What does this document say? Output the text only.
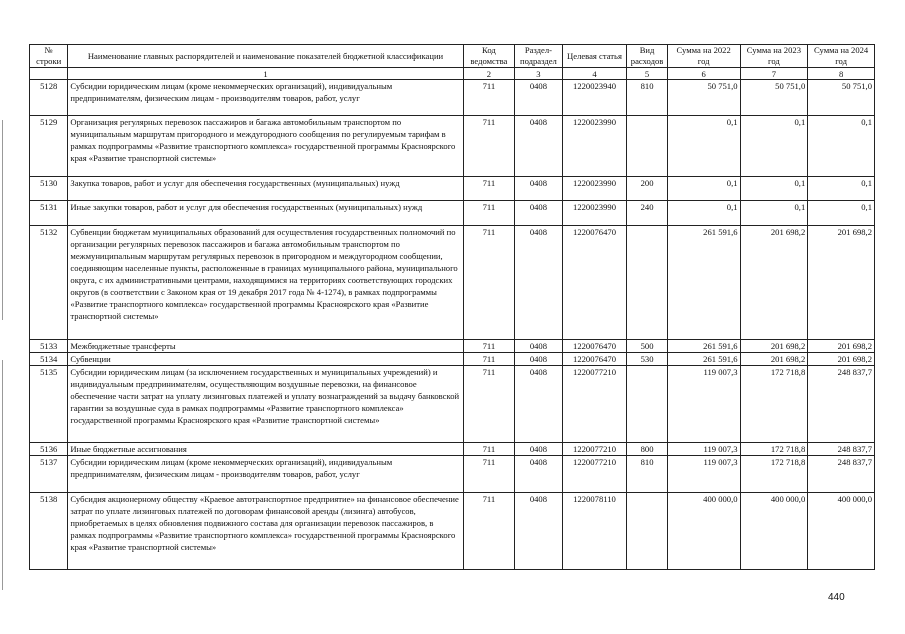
№ строки	Наименование главных распорядителей и наименование показателей бюджетной классификации	Код ведомства	Раздел-подраздел	Целевая статья	Вид расходов	Сумма на 2022 год	Сумма на 2023 год	Сумма на 2024 год
	1	2	3	4	5	6	7	8
5128	Субсидии юридическим лицам (кроме некоммерческих организаций), индивидуальным предпринимателям, физическим лицам - производителям товаров, работ, услуг	711	0408	1220023940	810	50 751,0	50 751,0	50 751,0
5129	Организация регулярных перевозок пассажиров и багажа автомобильным транспортом по муниципальным маршрутам пригородного и междугородного сообщения по регулируемым тарифам в рамках подпрограммы «Развитие транспортного комплекса» государственной программы Красноярского края «Развитие транспортной системы»	711	0408	1220023990		0,1	0,1	0,1
5130	Закупка товаров, работ и услуг для обеспечения государственных (муниципальных) нужд	711	0408	1220023990	200	0,1	0,1	0,1
5131	Иные закупки товаров, работ и услуг для обеспечения государственных (муниципальных) нужд	711	0408	1220023990	240	0,1	0,1	0,1
5132	Субвенции бюджетам муниципальных образований для осуществления государственных полномочий по организации регулярных перевозок пассажиров и багажа автомобильным транспортом по межмуниципальным маршрутам регулярных перевозок в пригородном и междугородном сообщении, соединяющим населенные пункты, расположенные в границах муниципального района, муниципального округа, с их административными центрами, находящимися на территориях соответствующих городских округов (в соответствии с Законом края от 19 декабря 2017 года № 4-1274), в рамках подпрограммы «Развитие транспортного комплекса» государственной программы Красноярского края «Развитие транспортной системы»	711	0408	1220076470		261 591,6	201 698,2	201 698,2
5133	Межбюджетные трансферты	711	0408	1220076470	500	261 591,6	201 698,2	201 698,2
5134	Субвенции	711	0408	1220076470	530	261 591,6	201 698,2	201 698,2
5135	Субсидии юридическим лицам (за исключением государственных и муниципальных учреждений) и индивидуальным предпринимателям, осуществляющим воздушные перевозки, на финансовое обеспечение части затрат на уплату лизинговых платежей и уплату вознаграждений за выдачу банковской гарантии за воздушные суда в рамках подпрограммы «Развитие транспортного комплекса» государственной программы Красноярского края «Развитие транспортной системы»	711	0408	1220077210		119 007,3	172 718,8	248 837,7
5136	Иные бюджетные ассигнования	711	0408	1220077210	800	119 007,3	172 718,8	248 837,7
5137	Субсидии юридическим лицам (кроме некоммерческих организаций), индивидуальным предпринимателям, физическим лицам - производителям товаров, работ, услуг	711	0408	1220077210	810	119 007,3	172 718,8	248 837,7
5138	Субсидия акционерному обществу «Краевое автотранспортное предприятие» на финансовое обеспечение затрат по уплате лизинговых платежей по договорам финансовой аренды (лизинга) автобусов, приобретаемых в целях обновления подвижного состава для организации перевозок пассажиров, в рамках подпрограммы «Развитие транспортного комплекса» государственной программы Красноярского края «Развитие транспортной системы»	711	0408	1220078110		400 000,0	400 000,0	400 000,0
440
